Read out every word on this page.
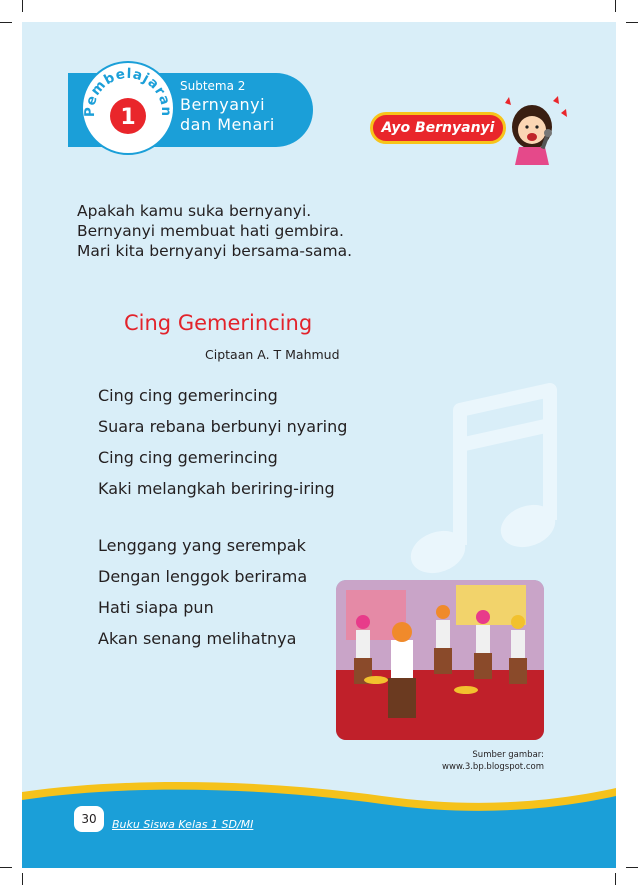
Pembelajaran
1
Subtema 2
Bernyanyi
dan Menari	Ayo Bernyanyi
Apakah kamu suka bernyanyi.
Bernyanyi membuat hati gembira.
Mari kita bernyanyi bersama-sama.
Cing Gemerincing
Ciptaan A. T Mahmud
Cing cing gemerincing
Suara rebana berbunyi nyaring
Cing cing gemerincing
Kaki melangkah beriring-iring
Lenggang yang serempak
Dengan lenggok berirama
Hati siapa pun
Akan senang melihatnya
Sumber gambar:
www.3.bp.blogspot.com
30	Buku Siswa Kelas 1 SD/MI
